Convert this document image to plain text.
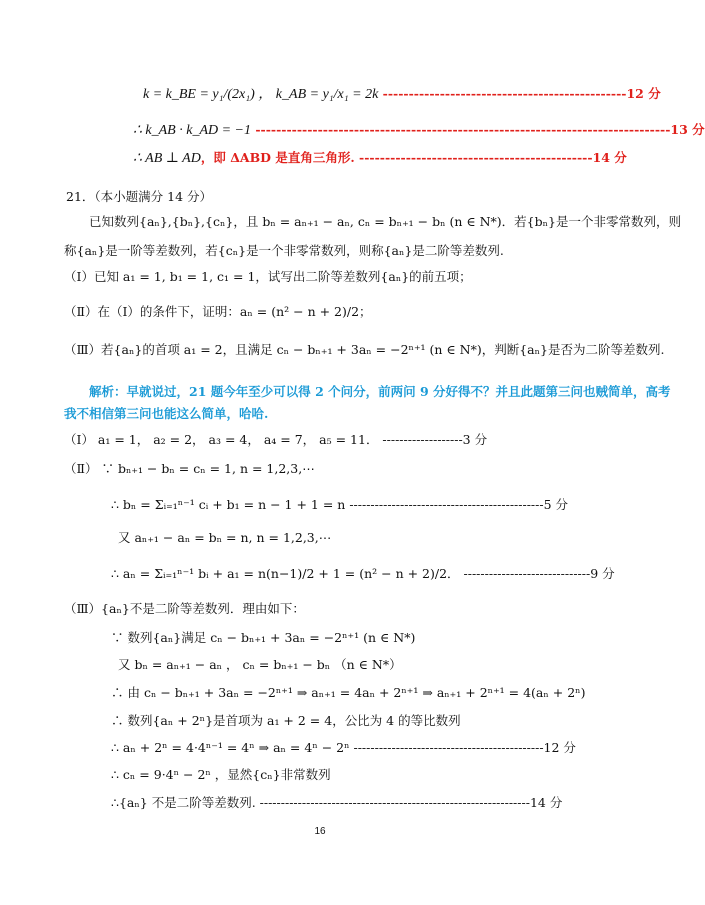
k = k_BE = y₁/(2x₁) ， k_AB = y₁/x₁ = 2k -----------------------------------------------12 分
∴ k_AB · k_AD = −1 --------------------------------------------------------------------------------13 分
∴ AB ⊥ AD，即 ΔABD 是直角三角形. ---------------------------------------------14 分
21．（本小题满分 14 分）
已知数列{aₙ},{bₙ},{cₙ}，且 bₙ = aₙ₊₁ − aₙ, cₙ = bₙ₊₁ − bₙ (n ∈ N*)．若{bₙ}是一个非零常数列，则
称{aₙ}是一阶等差数列，若{cₙ}是一个非零常数列，则称{aₙ}是二阶等差数列.
（Ⅰ）已知 a₁ = 1, b₁ = 1, c₁ = 1，试写出二阶等差数列{aₙ}的前五项；
（Ⅱ）在（Ⅰ）的条件下，证明：aₙ = (n² − n + 2)/2；
（Ⅲ）若{aₙ}的首项 a₁ = 2，且满足 cₙ − bₙ₊₁ + 3aₙ = −2ⁿ⁺¹ (n ∈ N*)，判断{aₙ}是否为二阶等差数列.
解析：早就说过，21 题今年至少可以得 2 个问分，前两问 9 分好得不？并且此题第三问也贼简单，高考
我不相信第三问也能这么简单，哈哈.
（Ⅰ） a₁ = 1， a₂ = 2， a₃ = 4， a₄ = 7， a₅ = 11． -------------------3 分
（Ⅱ） ∵ bₙ₊₁ − bₙ = cₙ = 1, n = 1,2,3,⋯
∴ bₙ = Σᵢ₌₁ⁿ⁻¹ cᵢ + b₁ = n − 1 + 1 = n ----------------------------------------------5 分
又 aₙ₊₁ − aₙ = bₙ = n, n = 1,2,3,⋯
∴ aₙ = Σᵢ₌₁ⁿ⁻¹ bᵢ + a₁ = n(n−1)/2 + 1 = (n² − n + 2)/2． ------------------------------9 分
（Ⅲ）{aₙ}不是二阶等差数列．理由如下：
∵ 数列{aₙ}满足 cₙ − bₙ₊₁ + 3aₙ = −2ⁿ⁺¹ (n ∈ N*)
又 bₙ = aₙ₊₁ − aₙ ， cₙ = bₙ₊₁ − bₙ （n ∈ N*）
∴ 由 cₙ − bₙ₊₁ + 3aₙ = −2ⁿ⁺¹ ⇒ aₙ₊₁ = 4aₙ + 2ⁿ⁺¹ ⇒ aₙ₊₁ + 2ⁿ⁺¹ = 4(aₙ + 2ⁿ)
∴ 数列{aₙ + 2ⁿ}是首项为 a₁ + 2 = 4，公比为 4 的等比数列
∴ aₙ + 2ⁿ = 4·4ⁿ⁻¹ = 4ⁿ ⇒ aₙ = 4ⁿ − 2ⁿ ---------------------------------------------12 分
∴ cₙ = 9·4ⁿ − 2ⁿ ，显然{cₙ}非常数列
∴{aₙ} 不是二阶等差数列. ----------------------------------------------------------------14 分
16
